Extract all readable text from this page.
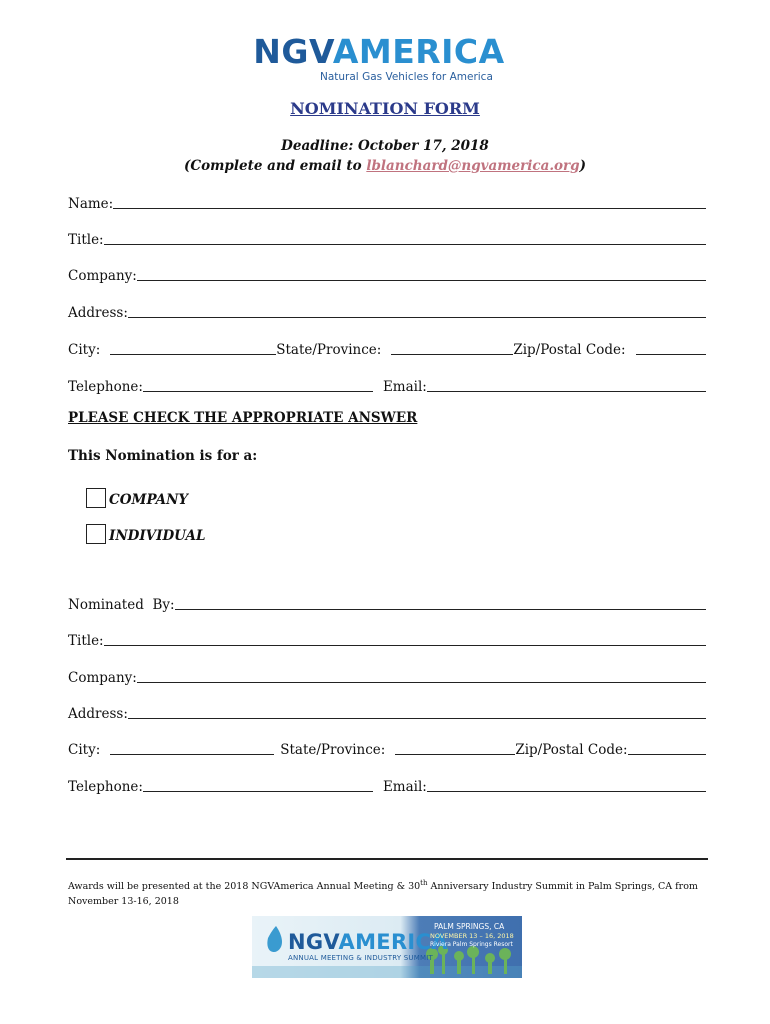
NGVAMERICA
Natural Gas Vehicles for America
NOMINATION FORM
Deadline: October 17, 2018
(Complete and email to lblanchard@ngvamerica.org)
Name:
Title:
Company:
Address:
City:	State/Province:	Zip/Postal Code:
Telephone:	Email:
PLEASE CHECK THE APPROPRIATE ANSWER
This Nomination is for a:
COMPANY
INDIVIDUAL
Nominated  By:
Title:
Company:
Address:
City:	State/Province:	Zip/Postal Code:
Telephone:	Email:
Awards will be presented at the 2018 NGVAmerica Annual Meeting & 30th Anniversary Industry Summit in Palm Springs, CA from November 13-16, 2018
NGVAMERICA
ANNUAL MEETING & INDUSTRY SUMMIT
PALM SPRINGS, CA
NOVEMBER 13 – 16, 2018
Riviera Palm Springs Resort
